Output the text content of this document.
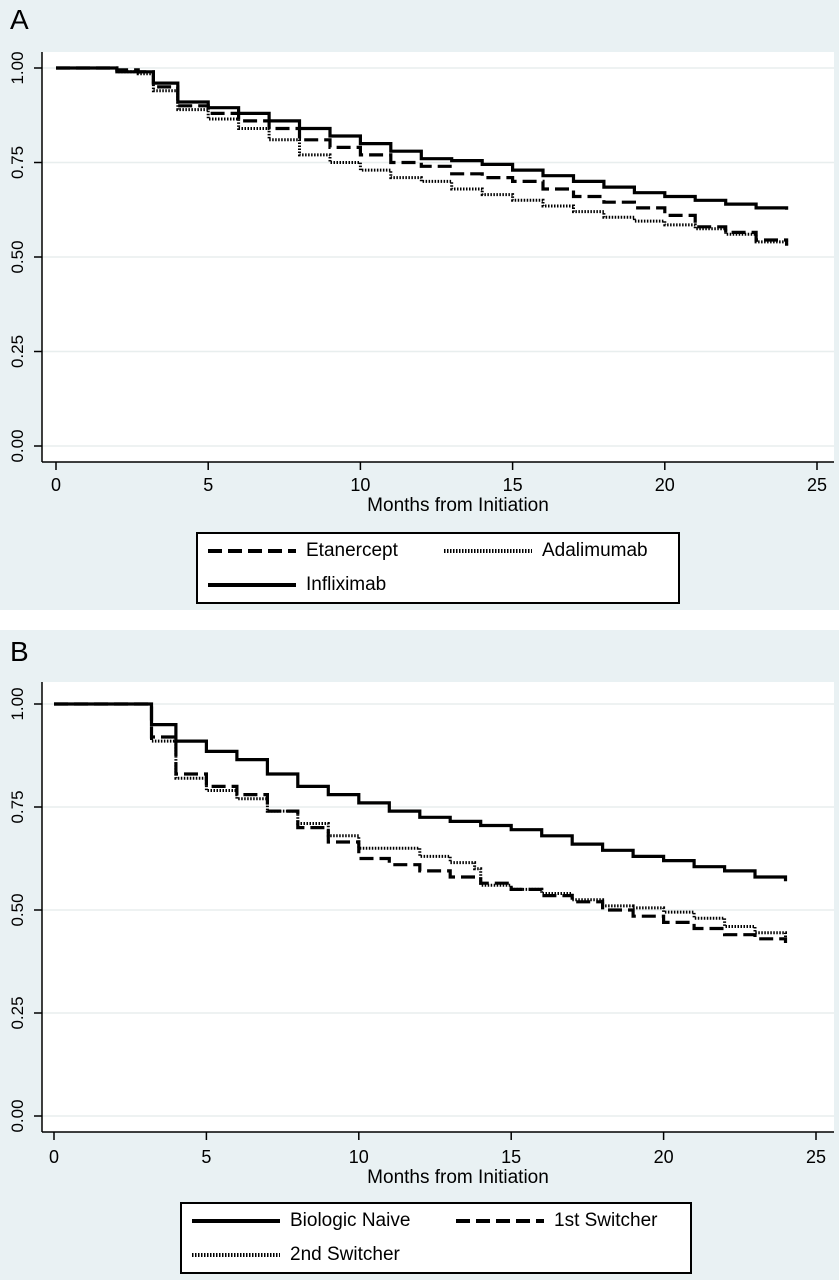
A
0.00
0.25
0.50
0.75
1.00
0	5	10	15	20	25
Months from Initiation
Etanercept	Adalimumab
Infliximab
B
0.00
0.25
0.50
0.75
1.00
0	5	10	15	20	25
Months from Initiation
Biologic Naive	1st Switcher
2nd Switcher
